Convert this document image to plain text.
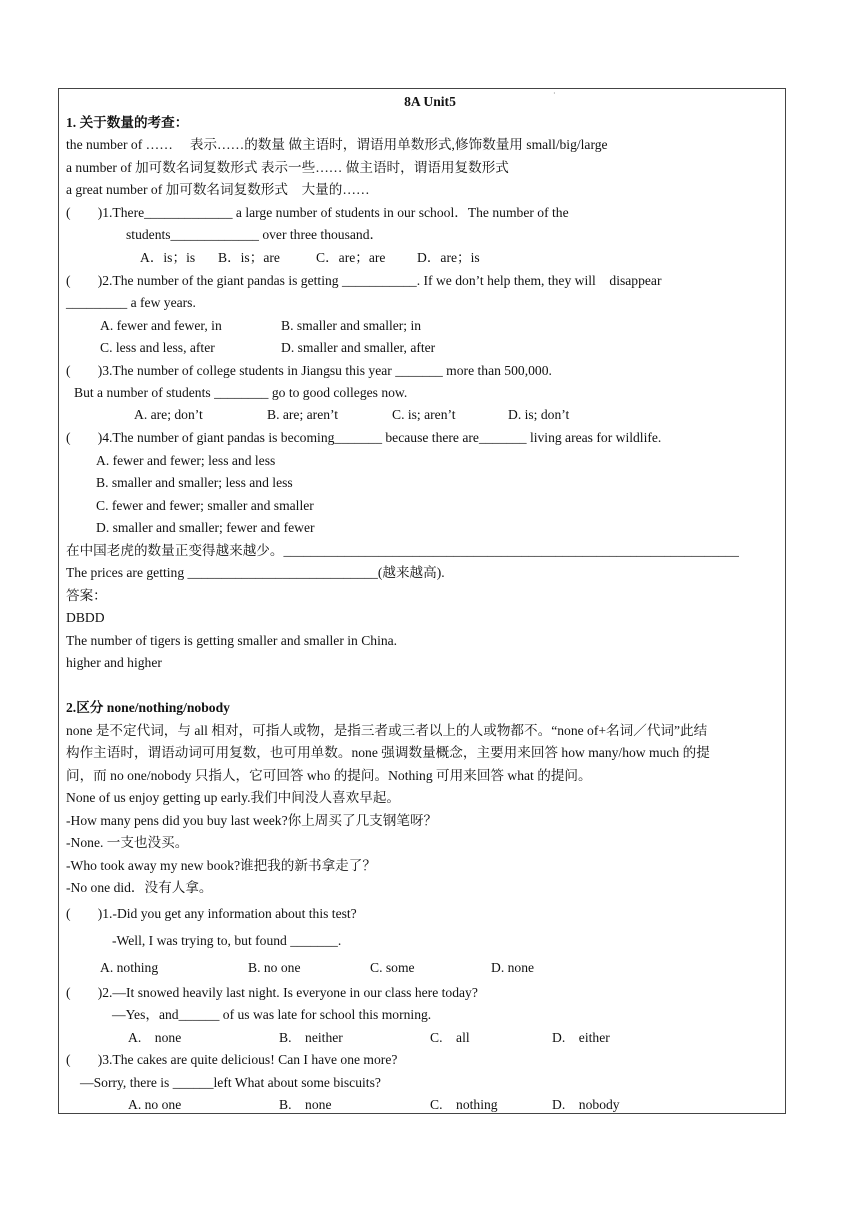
8A Unit5
·
1. 关于数量的考查：
the number of ……　 表示……的数量 做主语时，谓语用单数形式,修饰数量用 small/big/large
a number of 加可数名词复数形式 表示一些…… 做主语时，谓语用复数形式
a great number of 加可数名词复数形式　大量的……
(　　)1.There_____________ a large number of students in our school．The number of the
students_____________ over three thousand．
A．is；is B．is；are	C．are；are D．are；is
(　　)2.The number of the giant pandas is getting ___________. If we don’t help them, they will　disappear
_________ a few years.
A. fewer and fewer, in	B. smaller and smaller; in
C. less and less, after	D. smaller and smaller, after
(　　)3.The number of college students in Jiangsu this year _______ more than 500,000.
But a number of students ________ go to good colleges now.
A. are; don’t	B. are; aren’t	C. is; aren’t	D. is; don’t
(　　)4.The number of giant pandas is becoming_______ because there are_______ living areas for wildlife.
A. fewer and fewer; less and less
B. smaller and smaller; less and less
C. fewer and fewer; smaller and smaller
D. smaller and smaller; fewer and fewer
在中国老虎的数量正变得越来越少。___________________________________________________________________
The prices are getting ____________________________(越来越高).
答案：
DBDD
The number of tigers is getting smaller and smaller in China.
higher and higher
2.区分 none/nothing/nobody
none 是不定代词，与 all 相对，可指人或物，是指三者或三者以上的人或物都不。“none of+名词／代词”此结
构作主语时，谓语动词可用复数，也可用单数。none 强调数量概念，主要用来回答 how many/how much 的提
问，而 no one/nobody 只指人，它可回答 who 的提问。Nothing 可用来回答 what 的提问。
None of us enjoy getting up early.我们中间没人喜欢早起。
-How many pens did you buy last week?你上周买了几支钢笔呀？
-None. 一支也没买。
-Who took away my new book?谁把我的新书拿走了？
-No one did．没有人拿。
(　　)1.-Did you get any information about this test?
-Well, I was trying to, but found _______.
A. nothing	B. no one	C. some	D. none
(　　)2.—It snowed heavily last night. Is everyone in our class here today?
—Yes，and______ of us was late for school this morning.
A.　none	B.　neither	C.　all	D.　either
(　　)3.The cakes are quite delicious! Can I have one more?
—Sorry, there is ______left What about some biscuits?
A. no one	B.　none	C.　nothing	D.　nobody
